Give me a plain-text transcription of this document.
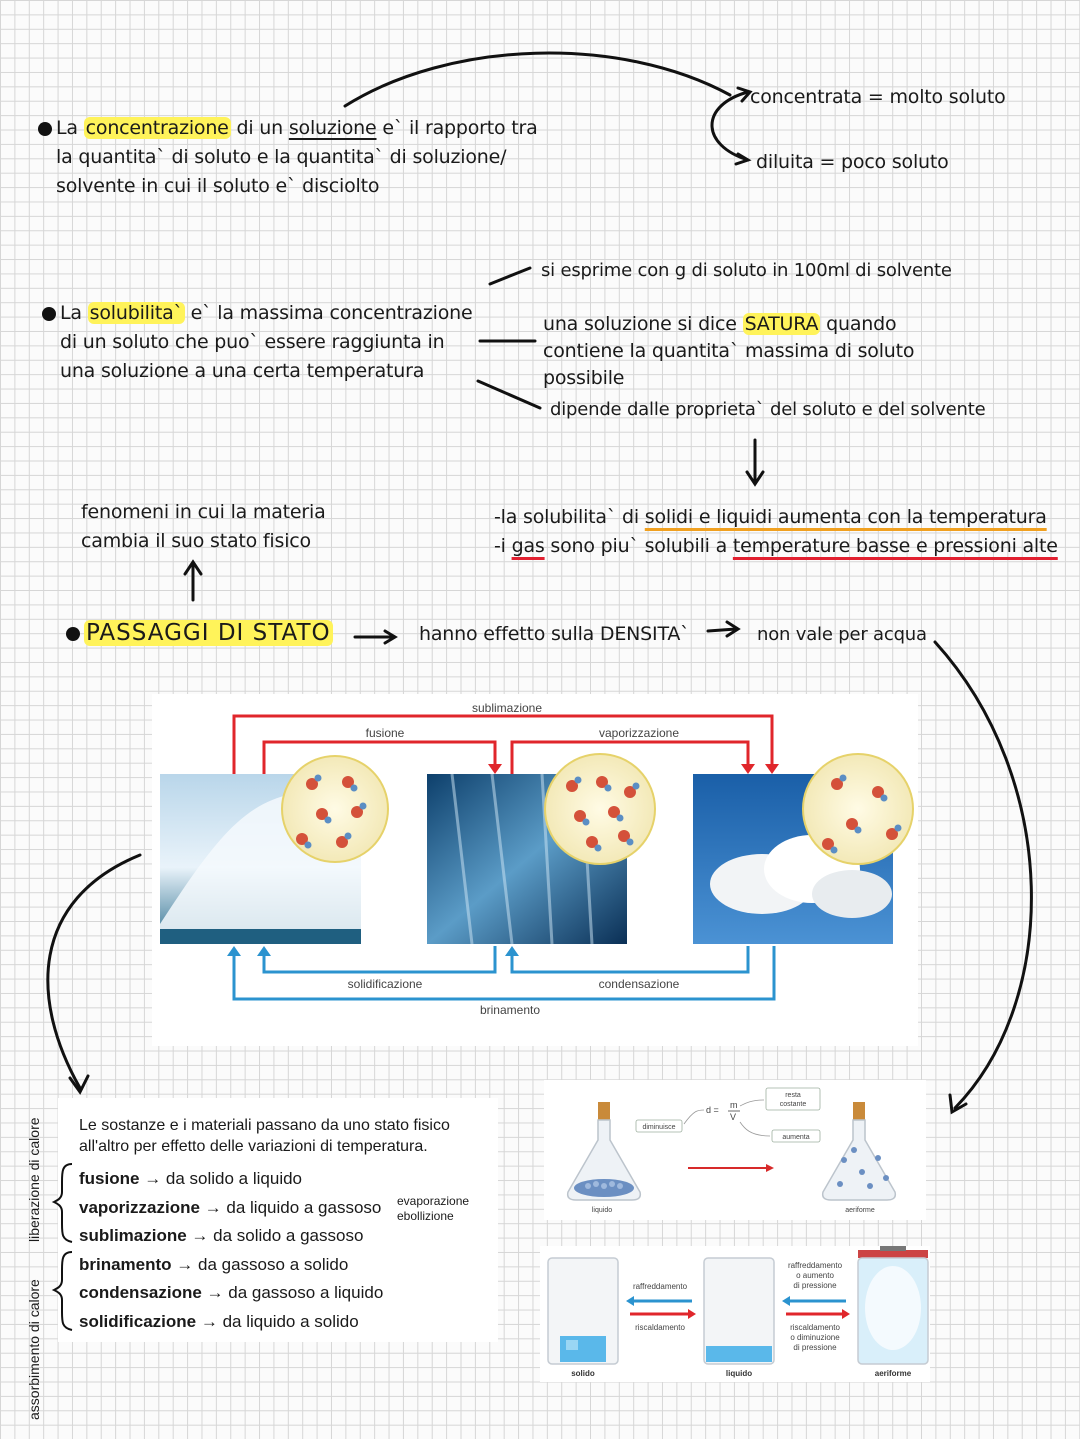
La concentrazione di un soluzione e` il rapporto tra
la quantita` di soluto e la quantita` di soluzione/
solvente in cui il soluto e` disciolto
concentrata = molto soluto
diluita = poco soluto
La solubilita` e` la massima concentrazione
di un soluto che puo` essere raggiunta in
una soluzione a una certa temperatura
si esprime con g di soluto in 100ml di solvente
una soluzione si dice SATURA quando
contiene la quantita` massima di soluto
possibile
dipende dalle proprieta` del soluto e del solvente
-la solubilita` di solidi e liquidi aumenta con la temperatura
-i gas sono piu` solubili a temperature basse e pressioni alte
fenomeni in cui la materia
cambia il suo stato fisico
PASSAGGI DI STATO	hanno effetto sulla DENSITA`	non vale per acqua
sublimazione
fusione	vaporizzazione
solidificazione	condensazione
brinamento
Le sostanze e i materiali passano da uno stato fisico
all'altro per effetto delle variazioni di temperatura.
fusione → da solido a liquido
vaporizzazione → da liquido a gassoso
sublimazione → da solido a gassoso
brinamento → da gassoso a solido
condensazione → da gassoso a liquido
solidificazione → da liquido a solido
evaporazione
ebollizione
liberazione di calore
assorbimento di calore
liquido	aeriforme
diminuisce
d = m
V
resta
costante
aumenta
solido
raffreddamento
riscaldamento
liquido
raffreddamento
o aumento
di pressione
riscaldamento
o diminuzione
di pressione
aeriforme
